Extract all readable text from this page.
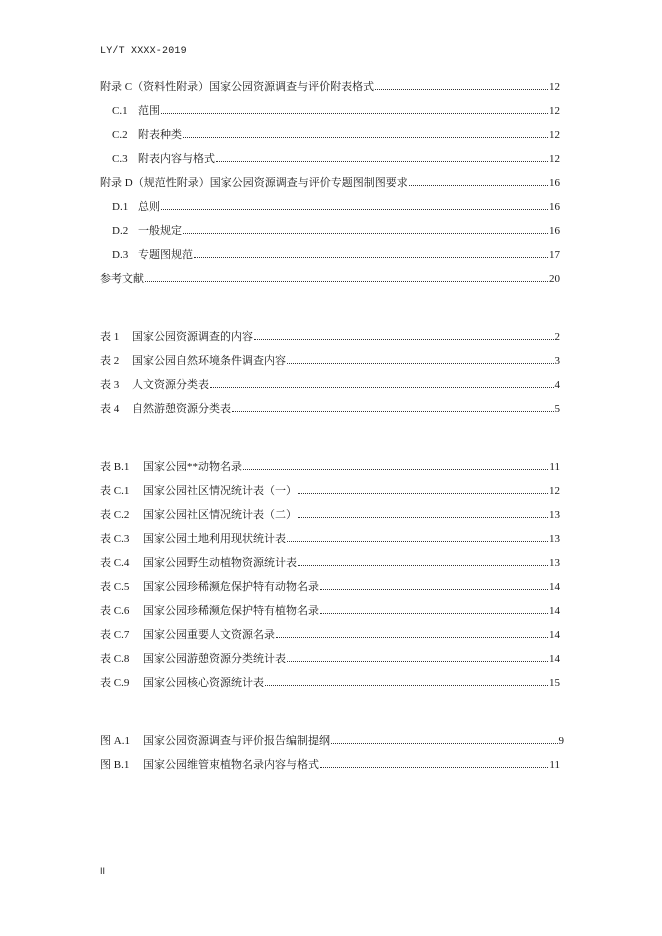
LY/T XXXX-2019
附录 C（资料性附录） 国家公园资源调查与评价附表格式	12
C.1 范围	12
C.2 附表种类	12
C.3 附表内容与格式	12
附录 D（规范性附录） 国家公园资源调查与评价专题图制图要求	16
D.1 总则	16
D.2 一般规定	16
D.3 专题图规范	17
参考文献	20
表 1	国家公园资源调查的内容	2
表 2	国家公园自然环境条件调查内容	3
表 3	人文资源分类表	4
表 4	自然游憩资源分类表	5
表 B.1	国家公园**动物名录	11
表 C.1	国家公园社区情况统计表（一）	12
表 C.2	国家公园社区情况统计表（二）	13
表 C.3	国家公园土地利用现状统计表	13
表 C.4	国家公园野生动植物资源统计表	13
表 C.5	国家公园珍稀濒危保护特有动物名录	14
表 C.6	国家公园珍稀濒危保护特有植物名录	14
表 C.7	国家公园重要人文资源名录	14
表 C.8	国家公园游憩资源分类统计表	14
表 C.9	国家公园核心资源统计表	15
图 A.1	国家公园资源调查与评价报告编制提纲	9
图 B.1	国家公园维管束植物名录内容与格式	11
II
